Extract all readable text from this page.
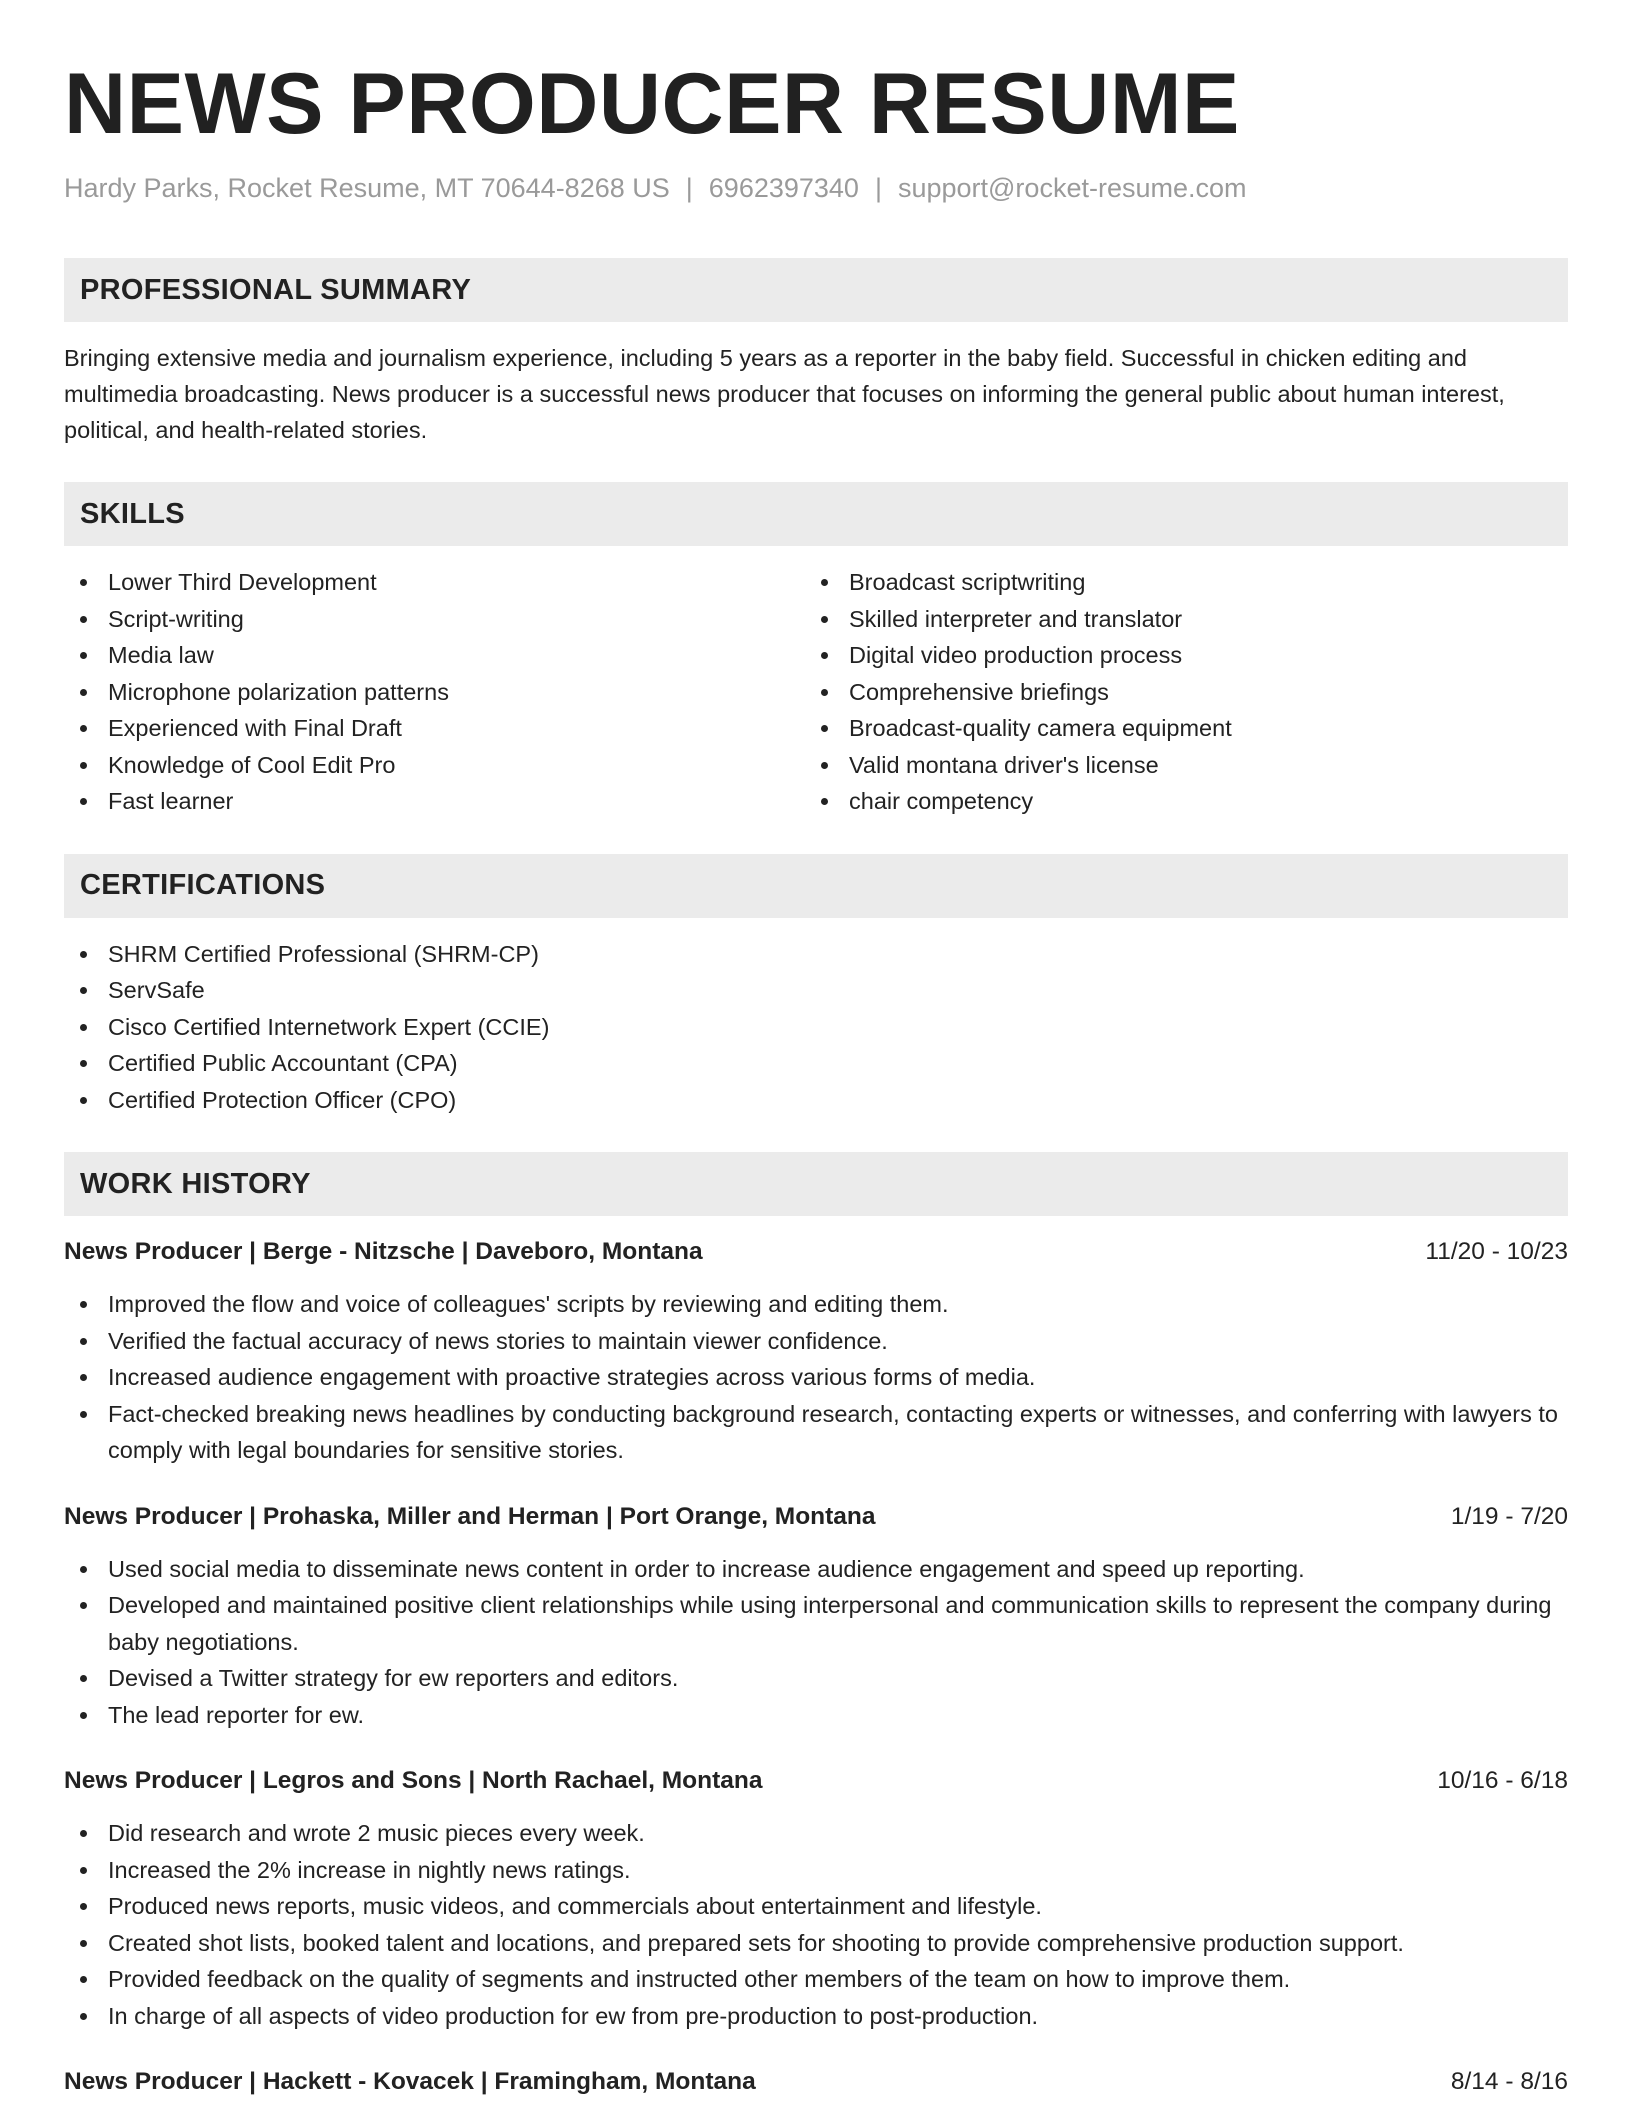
NEWS PRODUCER RESUME
Hardy Parks, Rocket Resume, MT 70644-8268 US | 6962397340 | support@rocket-resume.com
PROFESSIONAL SUMMARY

Bringing extensive media and journalism experience, including 5 years as a reporter in the baby field. Successful in chicken editing and multimedia broadcasting. News producer is a successful news producer that focuses on informing the general public about human interest, political, and health-related stories.

SKILLS
Lower Third Development
Script-writing
Media law
Microphone polarization patterns
Experienced with Final Draft
Knowledge of Cool Edit Pro
Fast learner
Broadcast scriptwriting
Skilled interpreter and translator
Digital video production process
Comprehensive briefings
Broadcast-quality camera equipment
Valid montana driver's license
chair competency
CERTIFICATIONS
SHRM Certified Professional (SHRM-CP)
ServSafe
Cisco Certified Internetwork Expert (CCIE)
Certified Public Accountant (CPA)
Certified Protection Officer (CPO)
WORK HISTORY
News Producer | Berge - Nitzsche | Daveboro, Montana	11/20 - 10/23
Improved the flow and voice of colleagues' scripts by reviewing and editing them.
Verified the factual accuracy of news stories to maintain viewer confidence.
Increased audience engagement with proactive strategies across various forms of media.
Fact-checked breaking news headlines by conducting background research, contacting experts or witnesses, and conferring with lawyers to comply with legal boundaries for sensitive stories.
News Producer | Prohaska, Miller and Herman | Port Orange, Montana	1/19 - 7/20
Used social media to disseminate news content in order to increase audience engagement and speed up reporting.
Developed and maintained positive client relationships while using interpersonal and communication skills to represent the company during baby negotiations.
Devised a Twitter strategy for ew reporters and editors.
The lead reporter for ew.
News Producer | Legros and Sons | North Rachael, Montana	10/16 - 6/18
Did research and wrote 2 music pieces every week.
Increased the 2% increase in nightly news ratings.
Produced news reports, music videos, and commercials about entertainment and lifestyle.
Created shot lists, booked talent and locations, and prepared sets for shooting to provide comprehensive production support.
Provided feedback on the quality of segments and instructed other members of the team on how to improve them.
In charge of all aspects of video production for ew from pre-production to post-production.
News Producer | Hackett - Kovacek | Framingham, Montana	8/14 - 8/16
